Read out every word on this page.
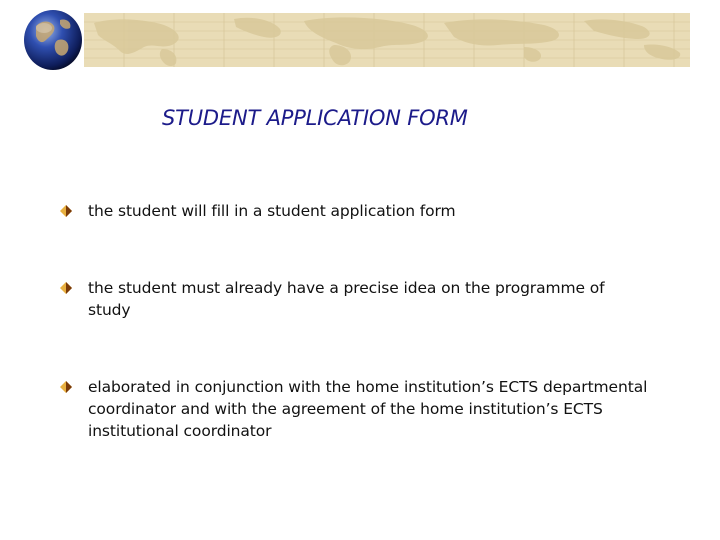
STUDENT APPLICATION FORM
the student will fill in a student application form
the student must already have a precise idea on the programme of study
elaborated in conjunction with the home institution’s ECTS departmental coordinator and with the agreement of the home institution’s ECTS institutional coordinator
